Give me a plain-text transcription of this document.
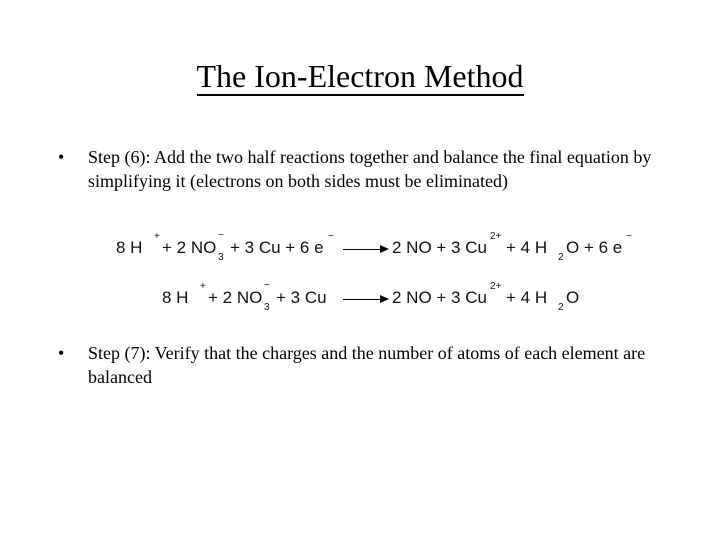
The Ion-Electron Method
• Step (6): Add the two half reactions together and balance the final equation by simplifying it (electrons on both sides must be eliminated)
8 H
+
+ 2 NO
3
−
+ 3 Cu + 6 e
−
2 NO + 3 Cu
2+
+ 4 H
2
O + 6 e
−
8 H
+
+ 2 NO
3
−
+ 3 Cu	2 NO + 3 Cu
2+
+ 4 H
2
O
• Step (7): Verify that the charges and the number of atoms of each element are balanced
